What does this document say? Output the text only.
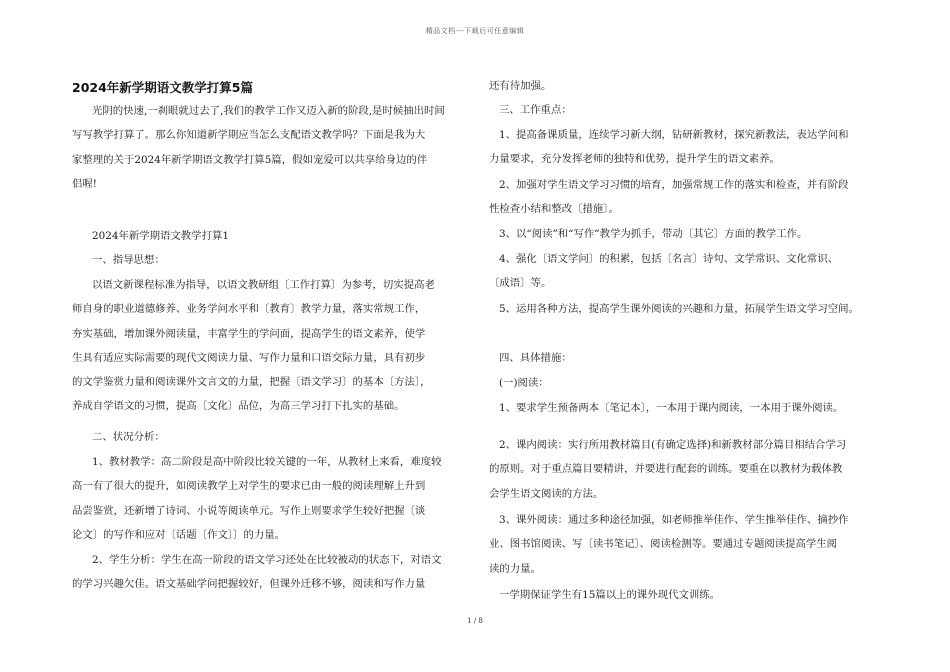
精品文档---下载后可任意编辑
2024年新学期语文教学打算5篇
光阴的快速,一刹眼就过去了,我们的教学工作又迈入新的阶段,是时候抽出时间
写写教学打算了。那么你知道新学期应当怎么支配语文教学吗？下面是我为大
家整理的关于2024年新学期语文教学打算5篇，假如宠爱可以共享给身边的伴
侣喔!
2024年新学期语文教学打算1
一、指导思想：
以语文新课程标准为指导，以语文教研组〔工作打算〕为参考，切实提高老
师自身的职业道德修养、业务学问水平和〔教育〕教学力量，落实常规工作，
夯实基础，增加课外阅读量，丰富学生的学问面，提高学生的语文素养，使学
生具有适应实际需要的现代文阅读力量、写作力量和口语交际力量，具有初步
的文学鉴赏力量和阅读课外文言文的力量，把握〔语文学习〕的基本〔方法〕，
养成自学语文的习惯，提高〔文化〕品位，为高三学习打下扎实的基础。
二、状况分析：
1、教材教学：高二阶段是高中阶段比较关键的一年，从教材上来看，难度较
高一有了很大的提升，如阅读教学上对学生的要求已由一般的阅读理解上升到
品尝鉴赏，还新增了诗词、小说等阅读单元。写作上则要求学生较好把握〔谈
论文〕的写作和应对〔话题〔作文〕〕的力量。
2、学生分析：学生在高一阶段的语文学习还处在比较被动的状态下，对语文
的学习兴趣欠佳。语文基础学问把握较好，但课外迁移不够，阅读和写作力量
还有待加强。
三、工作重点：
1、提高备课质量，连续学习新大纲，钻研新教材，探究新教法，表达学问和
力量要求，充分发挥老师的独特和优势，提升学生的语文素养。
2、加强对学生语文学习习惯的培育，加强常规工作的落实和检查，并有阶段
性检查小结和整改〔措施〕。
3、以“阅读”和“写作”教学为抓手，带动〔其它〕方面的教学工作。
4、强化〔语文学问〕的积累，包括〔名言〕诗句、文学常识、文化常识、
〔成语〕等。
5、运用各种方法，提高学生课外阅读的兴趣和力量，拓展学生语文学习空间。
四、具体措施：
(一)阅读：
1、要求学生预备两本〔笔记本〕，一本用于课内阅读，一本用于课外阅读。
2、课内阅读：实行所用教材篇目(有确定选择)和新教材部分篇目相结合学习
的原则。对于重点篇目要精讲，并要进行配套的训练。要重在以教材为载体教
会学生语文阅读的方法。
3、课外阅读：通过多种途径加强，如老师推举佳作、学生推举佳作、摘抄作
业、图书馆阅读、写〔读书笔记〕、阅读检测等。要通过专题阅读提高学生阅
读的力量。
一学期保证学生有15篇以上的课外现代文训练。
1 / 8
